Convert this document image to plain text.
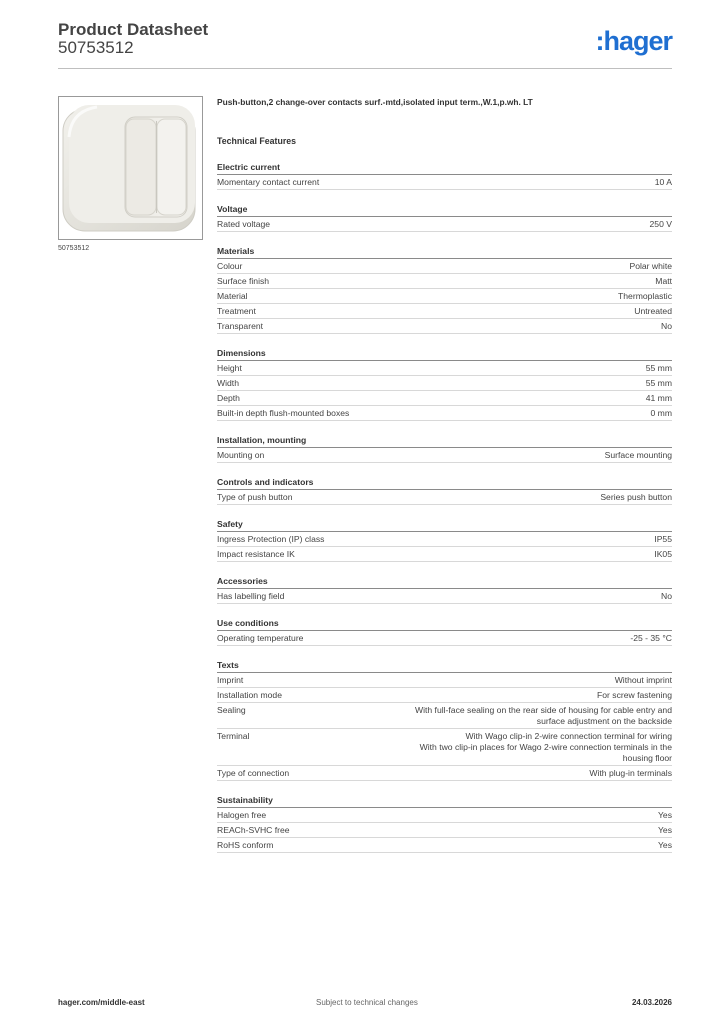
Product Datasheet
50753512	:hager
50753512
Push-button,2 change-over contacts surf.-mtd,isolated input term.,W.1,p.wh. LT
Technical Features
Electric current
Momentary contact current	10 A
Voltage
Rated voltage	250 V
Materials
Colour	Polar white
Surface finish	Matt
Material	Thermoplastic
Treatment	Untreated
Transparent	No
Dimensions
Height	55 mm
Width	55 mm
Depth	41 mm
Built-in depth flush-mounted boxes	0 mm
Installation, mounting
Mounting on	Surface mounting
Controls and indicators
Type of push button	Series push button
Safety
Ingress Protection (IP) class	IP55
Impact resistance IK	IK05
Accessories
Has labelling field	No
Use conditions
Operating temperature	-25 - 35 °C
Texts
Imprint	Without imprint
Installation mode	For screw fastening
Sealing	With full-face sealing on the rear side of housing for cable entry and
surface adjustment on the backside
Terminal	With Wago clip-in 2-wire connection terminal for wiring
With two clip-in places for Wago 2-wire connection terminals in the
housing floor
Type of connection	With plug-in terminals
Sustainability
Halogen free	Yes
REACh-SVHC free	Yes
RoHS conform	Yes
hager.com/middle-east	Subject to technical changes	24.03.2026
